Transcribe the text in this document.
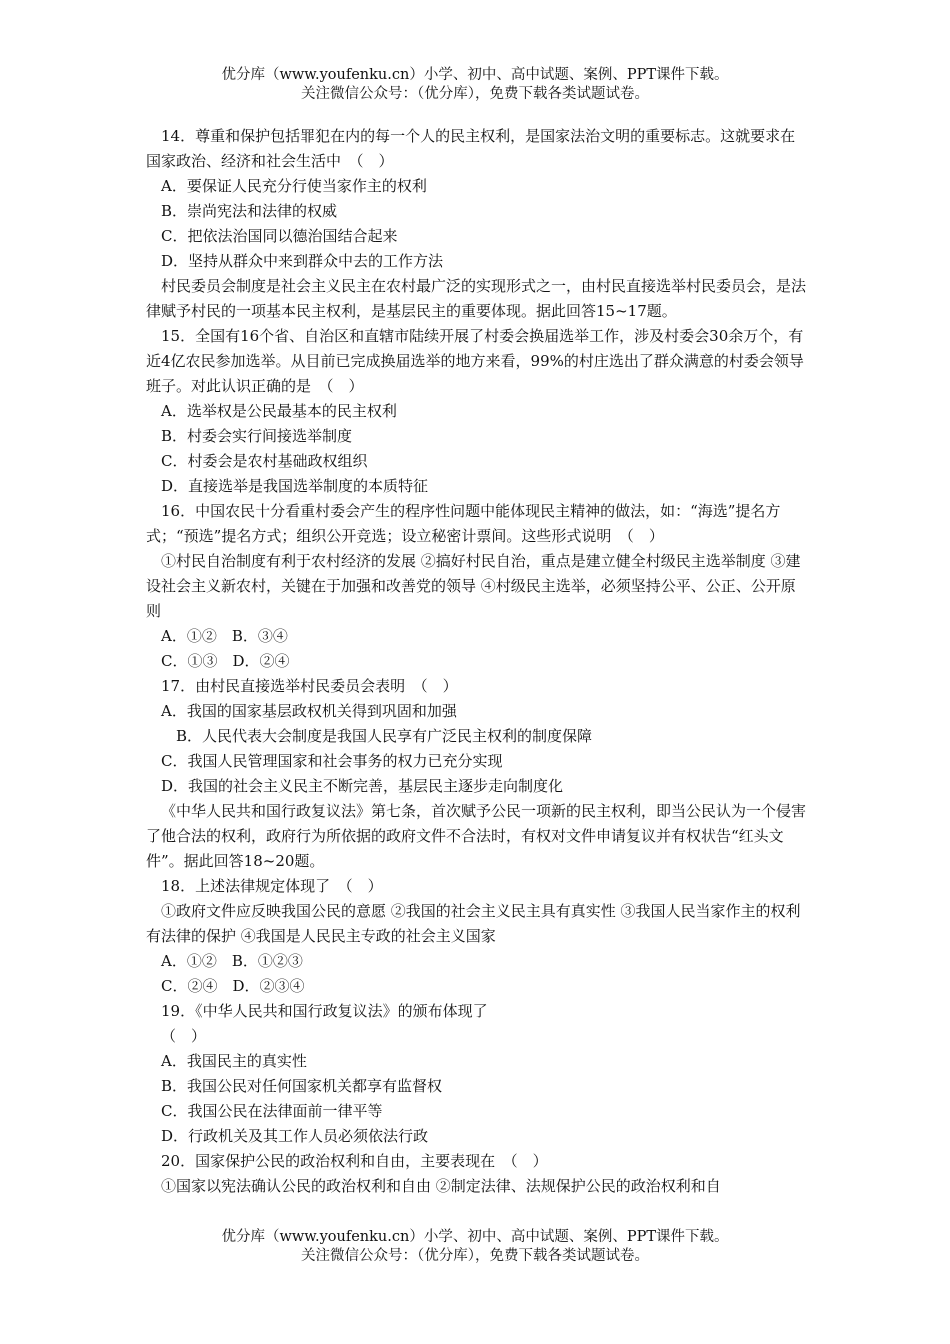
优分库（www.youfenku.cn）小学、初中、高中试题、案例、PPT课件下载。
关注微信公众号：（优分库），免费下载各类试题试卷。

14．尊重和保护包括罪犯在内的每一个人的民主权利，是国家法治文明的重要标志。这就要求在国家政治、经济和社会生活中　（　）

A．要保证人民充分行使当家作主的权利

B．崇尚宪法和法律的权威

C．把依法治国同以德治国结合起来

D．坚持从群众中来到群众中去的工作方法

村民委员会制度是社会主义民主在农村最广泛的实现形式之一，由村民直接选举村民委员会，是法律赋予村民的一项基本民主权利，是基层民主的重要体现。据此回答15~17题。

15．全国有16个省、自治区和直辖市陆续开展了村委会换届选举工作，涉及村委会30余万个，有近4亿农民参加选举。从目前已完成换届选举的地方来看，99%的村庄选出了群众满意的村委会领导班子。对此认识正确的是　（　）

A．选举权是公民最基本的民主权利

B．村委会实行间接选举制度

C．村委会是农村基础政权组织

D．直接选举是我国选举制度的本质特征

16．中国农民十分看重村委会产生的程序性问题中能体现民主精神的做法，如：“海选”提名方式；“预选”提名方式；组织公开竞选；设立秘密计票间。这些形式说明　（　）

①村民自治制度有利于农村经济的发展 ②搞好村民自治，重点是建立健全村级民主选举制度 ③建设社会主义新农村，关键在于加强和改善党的领导 ④村级民主选举，必须坚持公平、公正、公开原则

A．①②　B．③④

C．①③　D．②④

17．由村民直接选举村民委员会表明　（　）

A．我国的国家基层政权机关得到巩固和加强

B．人民代表大会制度是我国人民享有广泛民主权利的制度保障

C．我国人民管理国家和社会事务的权力已充分实现

D．我国的社会主义民主不断完善，基层民主逐步走向制度化

《中华人民共和国行政复议法》第七条，首次赋予公民一项新的民主权利，即当公民认为一个侵害了他合法的权利，政府行为所依据的政府文件不合法时，有权对文件申请复议并有权状告“红头文件”。据此回答18~20题。

18．上述法律规定体现了　（　）

①政府文件应反映我国公民的意愿 ②我国的社会主义民主具有真实性 ③我国人民当家作主的权利有法律的保护 ④我国是人民民主专政的社会主义国家

A．①②　B．①②③

C．②④　D．②③④

19．《中华人民共和国行政复议法》的颁布体现了

（　）

A．我国民主的真实性

B．我国公民对任何国家机关都享有监督权

C．我国公民在法律面前一律平等

D．行政机关及其工作人员必须依法行政

20．国家保护公民的政治权利和自由，主要表现在　（　）

①国家以宪法确认公民的政治权利和自由 ②制定法律、法规保护公民的政治权利和自

优分库（www.youfenku.cn）小学、初中、高中试题、案例、PPT课件下载。
关注微信公众号：（优分库），免费下载各类试题试卷。
